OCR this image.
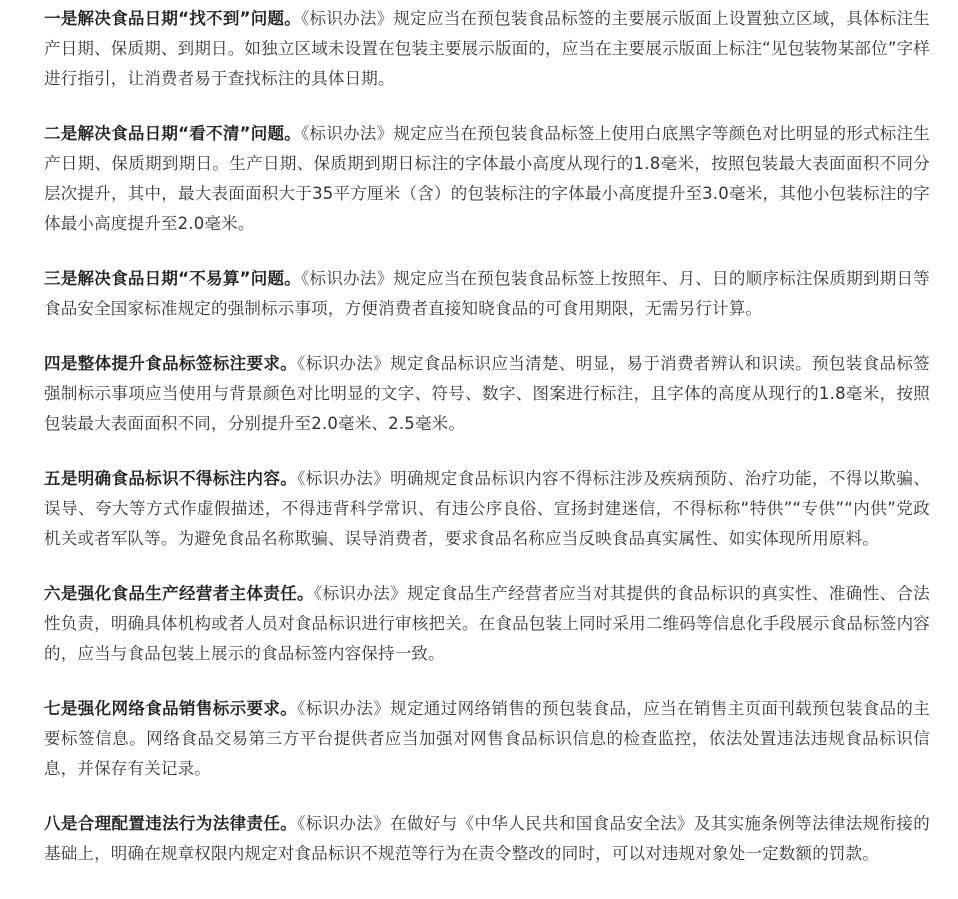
一是解决食品日期“找不到”问题。《标识办法》规定应当在预包装食品标签的主要展示版面上设置独立区域，具体标注生产日期、保质期、到期日。如独立区域未设置在包装主要展示版面的，应当在主要展示版面上标注“见包装物某部位”字样进行指引，让消费者易于查找标注的具体日期。

二是解决食品日期“看不清”问题。《标识办法》规定应当在预包装食品标签上使用白底黑字等颜色对比明显的形式标注生产日期、保质期到期日。生产日期、保质期到期日标注的字体最小高度从现行的1.8毫米，按照包装最大表面面积不同分层次提升，其中，最大表面面积大于35平方厘米（含）的包装标注的字体最小高度提升至3.0毫米，其他小包装标注的字体最小高度提升至2.0毫米。

三是解决食品日期“不易算”问题。《标识办法》规定应当在预包装食品标签上按照年、月、日的顺序标注保质期到期日等食品安全国家标准规定的强制标示事项，方便消费者直接知晓食品的可食用期限，无需另行计算。

四是整体提升食品标签标注要求。《标识办法》规定食品标识应当清楚、明显，易于消费者辨认和识读。预包装食品标签强制标示事项应当使用与背景颜色对比明显的文字、符号、数字、图案进行标注，且字体的高度从现行的1.8毫米，按照包装最大表面面积不同，分别提升至2.0毫米、2.5毫米。

五是明确食品标识不得标注内容。《标识办法》明确规定食品标识内容不得标注涉及疾病预防、治疗功能，不得以欺骗、误导、夸大等方式作虚假描述，不得违背科学常识、有违公序良俗、宣扬封建迷信，不得标称“特供”“专供”“内供”党政机关或者军队等。为避免食品名称欺骗、误导消费者，要求食品名称应当反映食品真实属性、如实体现所用原料。

六是强化食品生产经营者主体责任。《标识办法》规定食品生产经营者应当对其提供的食品标识的真实性、准确性、合法性负责，明确具体机构或者人员对食品标识进行审核把关。在食品包装上同时采用二维码等信息化手段展示食品标签内容的，应当与食品包装上展示的食品标签内容保持一致。

七是强化网络食品销售标示要求。《标识办法》规定通过网络销售的预包装食品，应当在销售主页面刊载预包装食品的主要标签信息。网络食品交易第三方平台提供者应当加强对网售食品标识信息的检查监控，依法处置违法违规食品标识信息，并保存有关记录。

八是合理配置违法行为法律责任。《标识办法》在做好与《中华人民共和国食品安全法》及其实施条例等法律法规衔接的基础上，明确在规章权限内规定对食品标识不规范等行为在责令整改的同时，可以对违规对象处一定数额的罚款。
